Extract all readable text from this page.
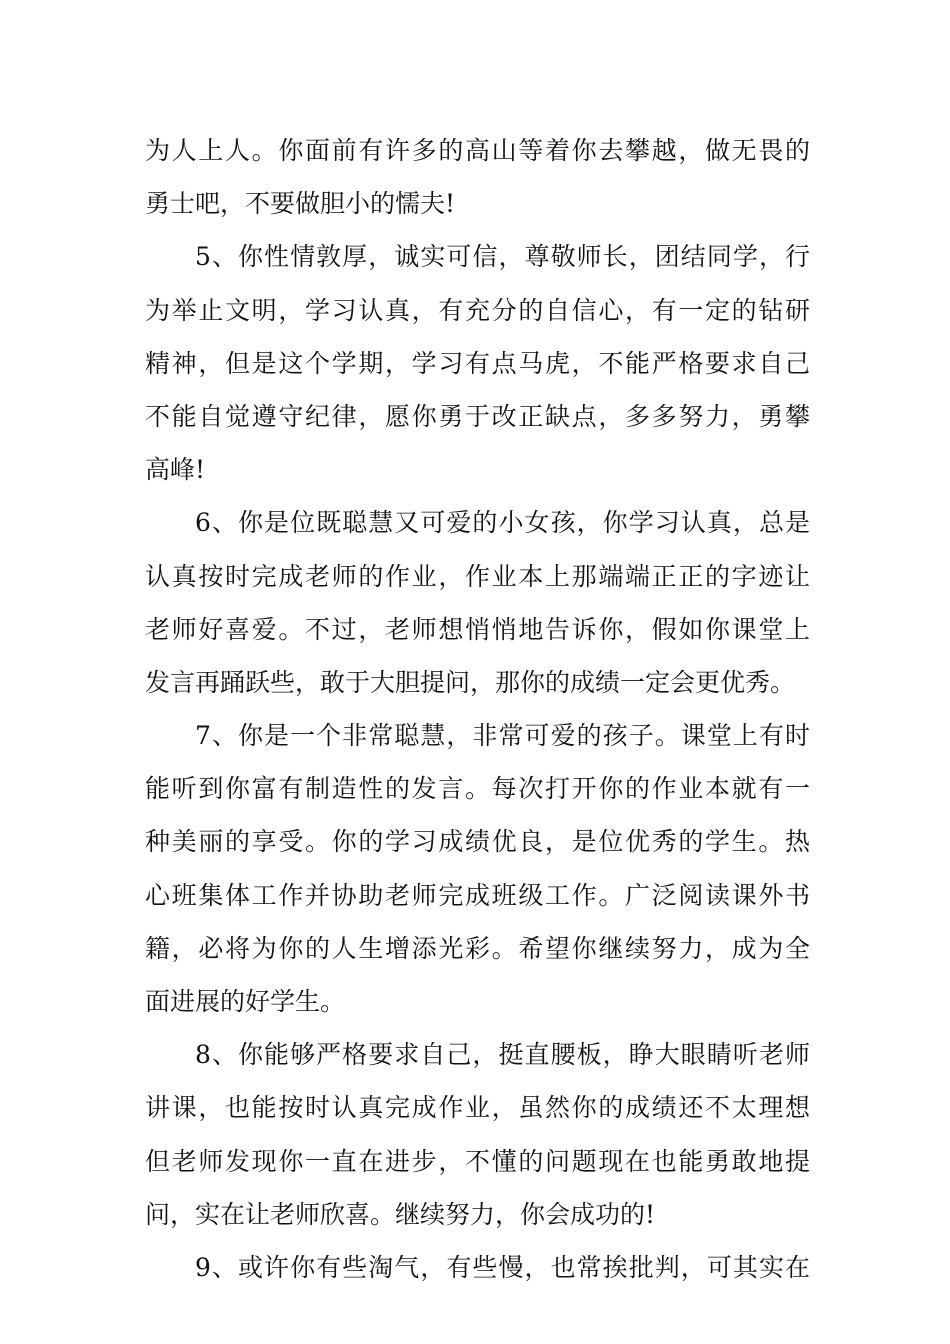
为人上人。你面前有许多的高山等着你去攀越，做无畏的
勇士吧，不要做胆小的懦夫!
5、你性情敦厚，诚实可信，尊敬师长，团结同学，行
为举止文明，学习认真，有充分的自信心，有一定的钻研
精神，但是这个学期，学习有点马虎，不能严格要求自己
不能自觉遵守纪律，愿你勇于改正缺点，多多努力，勇攀
高峰!
6、你是位既聪慧又可爱的小女孩，你学习认真，总是
认真按时完成老师的作业，作业本上那端端正正的字迹让
老师好喜爱。不过，老师想悄悄地告诉你，假如你课堂上
发言再踊跃些，敢于大胆提问，那你的成绩一定会更优秀。
7、你是一个非常聪慧，非常可爱的孩子。课堂上有时
能听到你富有制造性的发言。每次打开你的作业本就有一
种美丽的享受。你的学习成绩优良，是位优秀的学生。热
心班集体工作并协助老师完成班级工作。广泛阅读课外书
籍，必将为你的人生增添光彩。希望你继续努力，成为全
面进展的好学生。
8、你能够严格要求自己，挺直腰板，睁大眼睛听老师
讲课，也能按时认真完成作业，虽然你的成绩还不太理想
但老师发现你一直在进步，不懂的问题现在也能勇敢地提
问，实在让老师欣喜。继续努力，你会成功的!
9、或许你有些淘气，有些慢，也常挨批判，可其实在
